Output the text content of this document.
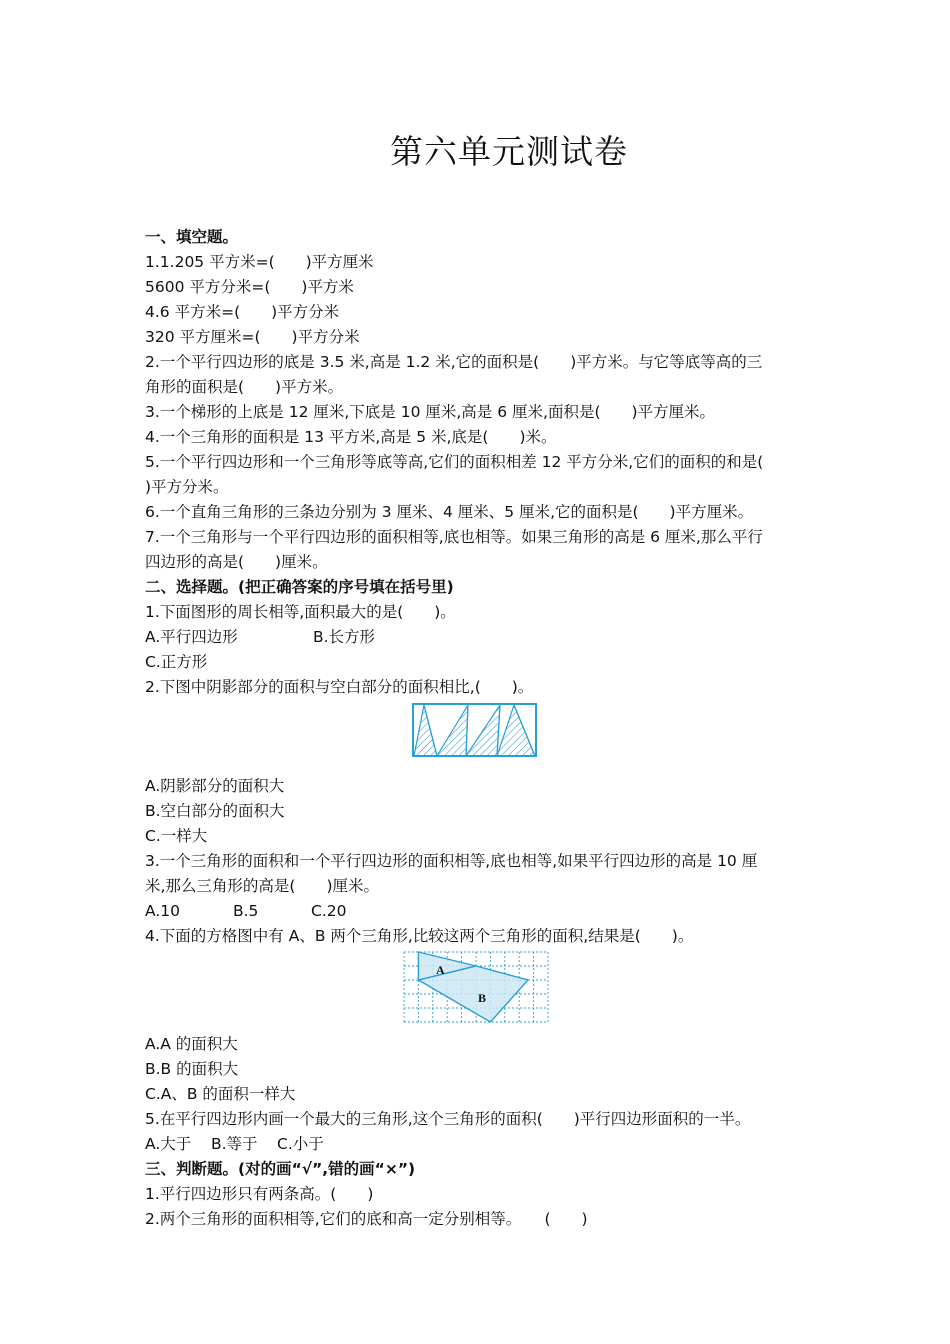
第六单元测试卷
一、填空题。
1.1.205 平方米=(　　)平方厘米
5600 平方分米=(　　)平方米
4.6 平方米=(　　)平方分米
320 平方厘米=(　　)平方分米
2.一个平行四边形的底是 3.5 米,高是 1.2 米,它的面积是(　　)平方米。与它等底等高的三
角形的面积是(　　)平方米。
3.一个梯形的上底是 12 厘米,下底是 10 厘米,高是 6 厘米,面积是(　　)平方厘米。
4.一个三角形的面积是 13 平方米,高是 5 米,底是(　　)米。
5.一个平行四边形和一个三角形等底等高,它们的面积相差 12 平方分米,它们的面积的和是(
)平方分米。
6.一个直角三角形的三条边分别为 3 厘米、4 厘米、5 厘米,它的面积是(　　)平方厘米。
7.一个三角形与一个平行四边形的面积相等,底也相等。如果三角形的高是 6 厘米,那么平行
四边形的高是(　　)厘米。
二、选择题。(把正确答案的序号填在括号里)
1.下面图形的周长相等,面积最大的是(　　)。
A.平行四边形	B.长方形
C.正方形
2.下图中阴影部分的面积与空白部分的面积相比,(　　)。
A.阴影部分的面积大
B.空白部分的面积大
C.一样大
3.一个三角形的面积和一个平行四边形的面积相等,底也相等,如果平行四边形的高是 10 厘
米,那么三角形的高是(　　)厘米。
A.10	B.5	C.20
4.下面的方格图中有 A、B 两个三角形,比较这两个三角形的面积,结果是(　　)。
A
B
A.A 的面积大
B.B 的面积大
C.A、B 的面积一样大
5.在平行四边形内画一个最大的三角形,这个三角形的面积(　　)平行四边形面积的一半。
A.大于 B.等于 C.小于
三、判断题。(对的画“√”,错的画“×”)
1.平行四边形只有两条高。(　　)
2.两个三角形的面积相等,它们的底和高一定分别相等。　　(　　)
